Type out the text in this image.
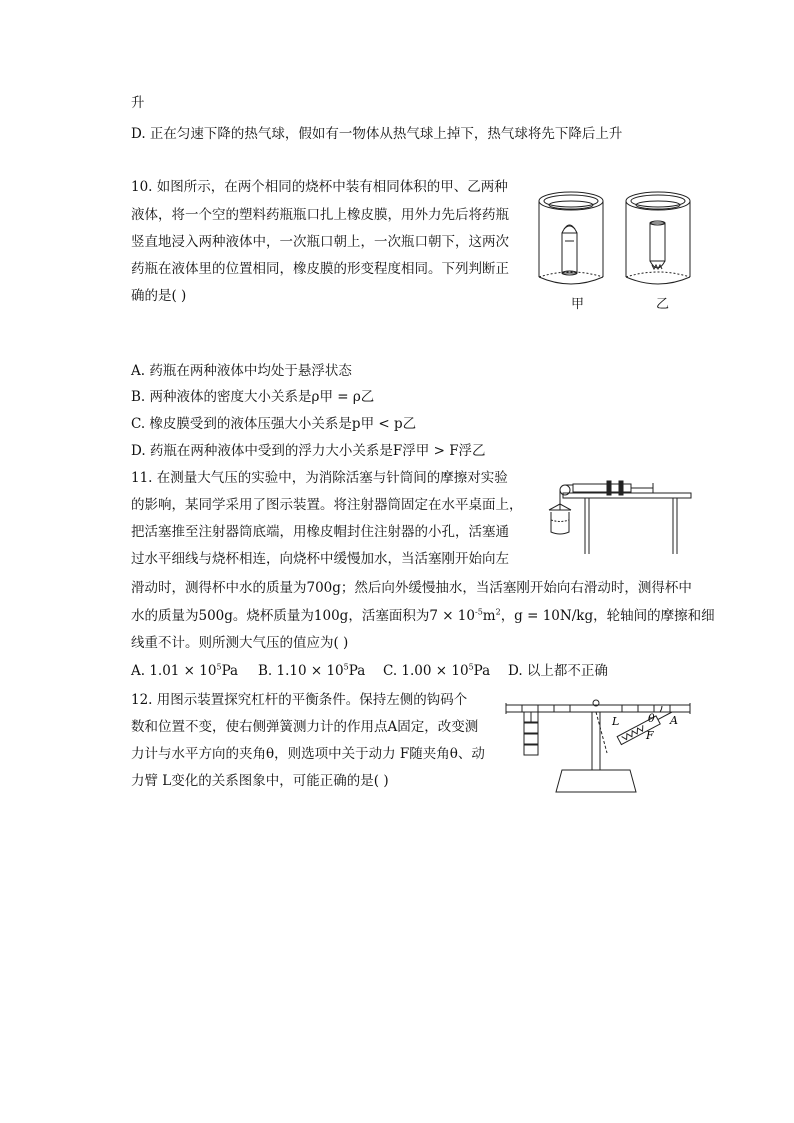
升
D. 正在匀速下降的热气球，假如有一物体从热气球上掉下，热气球将先下降后上升
10. 如图所示，在两个相同的烧杯中装有相同体积的甲、乙两种
液体，将一个空的塑料药瓶瓶口扎上橡皮膜，用外力先后将药瓶
竖直地浸入两种液体中，一次瓶口朝上，一次瓶口朝下，这两次
药瓶在液体里的位置相同，橡皮膜的形变程度相同。下列判断正
确的是( )
甲	乙
A. 药瓶在两种液体中均处于悬浮状态
B. 两种液体的密度大小关系是ρ甲 = ρ乙
C. 橡皮膜受到的液体压强大小关系是p甲 < p乙
D. 药瓶在两种液体中受到的浮力大小关系是F浮甲 > F浮乙
11. 在测量大气压的实验中，为消除活塞与针筒间的摩擦对实验
的影响，某同学采用了图示装置。将注射器筒固定在水平桌面上，
把活塞推至注射器筒底端，用橡皮帽封住注射器的小孔，活塞通
过水平细线与烧杯相连，向烧杯中缓慢加水，当活塞刚开始向左
滑动时，测得杯中水的质量为700g；然后向外缓慢抽水，当活塞刚开始向右滑动时，测得杯中
水的质量为500g。烧杯质量为100g，活塞面积为$7 \times 10^{-5}m^2$，g = 10N/kg，轮轴间的摩擦和细
线重不计。则所测大气压的值应为( )
A. $1.01 \times 10^5Pa$ B. $1.10 \times 10^5Pa$ C. $1.00 \times 10^5Pa$ D. 以上都不正确
12. 用图示装置探究杠杆的平衡条件。保持左侧的钩码个
数和位置不变，使右侧弹簧测力计的作用点A固定，改变测
力计与水平方向的夹角θ，则选项中关于动力 F随夹角θ、动
力臂 L变化的关系图象中，可能正确的是( )
L	θ A
F
